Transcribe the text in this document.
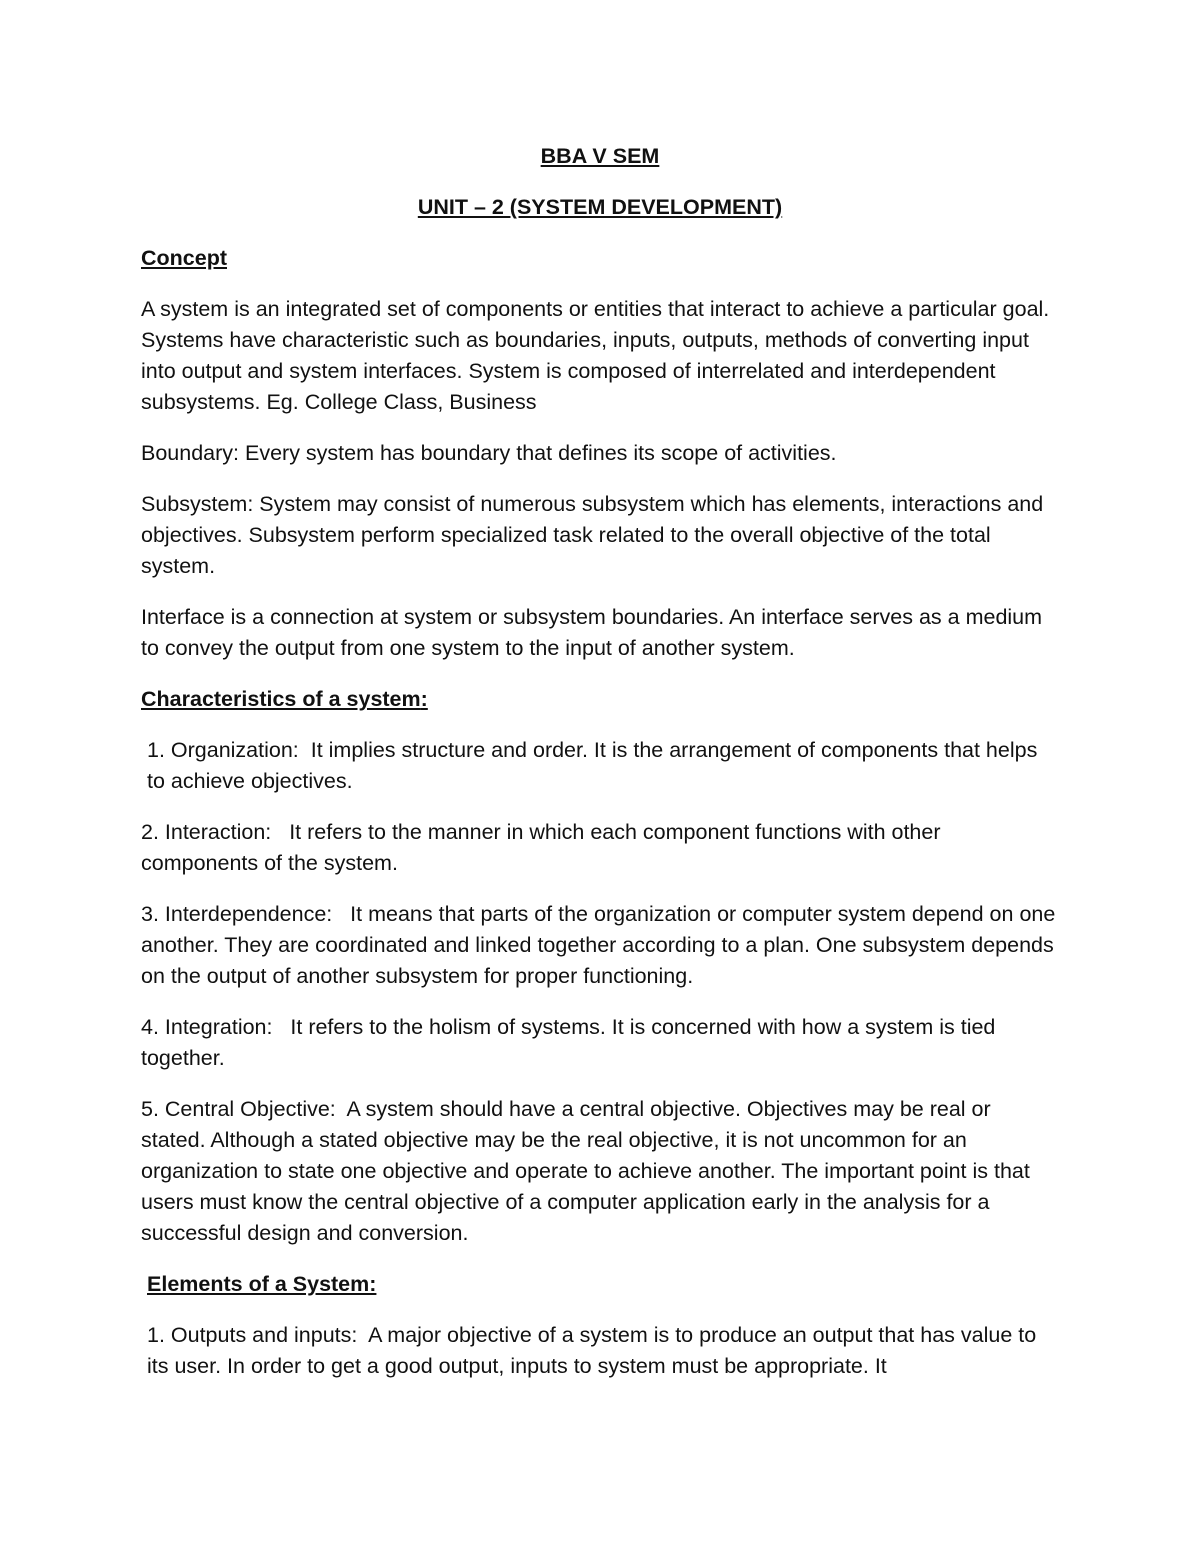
BBA V SEM
UNIT – 2 (SYSTEM DEVELOPMENT)
Concept

A system is an integrated set of components or entities that interact to achieve a particular goal. Systems have characteristic such as boundaries, inputs, outputs, methods of converting input into output and system interfaces. System is composed of interrelated and interdependent subsystems. Eg. College Class, Business

Boundary: Every system has boundary that defines its scope of activities.

Subsystem: System may consist of numerous subsystem which has elements, interactions and objectives. Subsystem perform specialized task related to the overall objective of the total system.

Interface is a connection at system or subsystem boundaries. An interface serves as a medium to convey the output from one system to the input of another system.

Characteristics of a system:

1. Organization:  It implies structure and order. It is the arrangement of components that helps to achieve objectives.

2. Interaction:   It refers to the manner in which each component functions with other components of the system.

3. Interdependence:   It means that parts of the organization or computer system depend on one another. They are coordinated and linked together according to a plan. One subsystem depends on the output of another subsystem for proper functioning.

4. Integration:   It refers to the holism of systems. It is concerned with how a system is tied together.

5. Central Objective:  A system should have a central objective. Objectives may be real or stated. Although a stated objective may be the real objective, it is not uncommon for an organization to state one objective and operate to achieve another. The important point is that users must know the central objective of a computer application early in the analysis for a successful design and conversion.

Elements of a System:

1. Outputs and inputs:  A major objective of a system is to produce an output that has value to its user. In order to get a good output, inputs to system must be appropriate. It
